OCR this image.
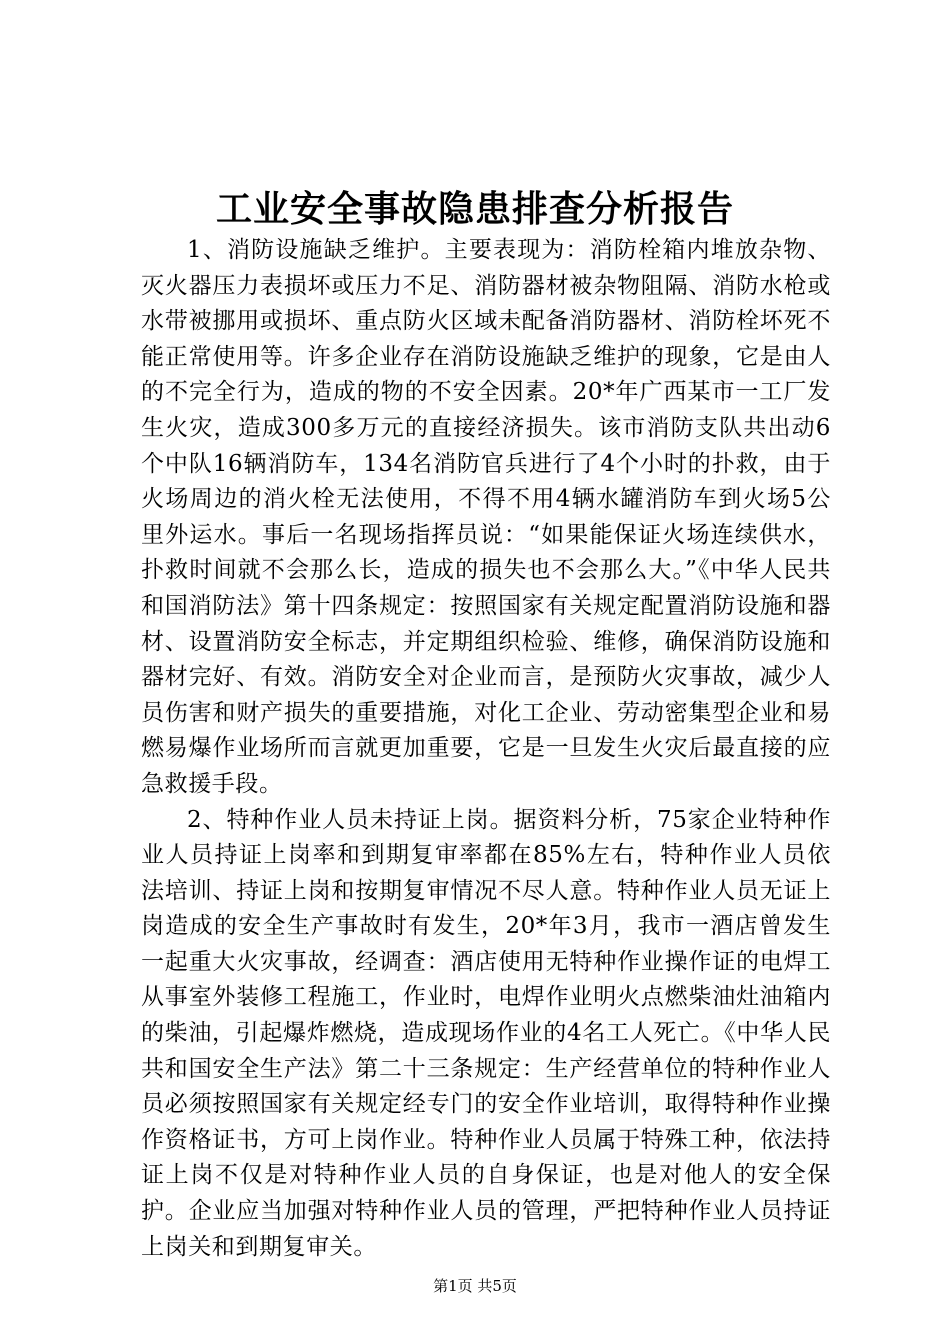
工业安全事故隐患排查分析报告

1、消防设施缺乏维护。主要表现为：消防栓箱内堆放杂物、灭火器压力表损坏或压力不足、消防器材被杂物阻隔、消防水枪或水带被挪用或损坏、重点防火区域未配备消防器材、消防栓坏死不能正常使用等。许多企业存在消防设施缺乏维护的现象，它是由人的不完全行为，造成的物的不安全因素。20*年广西某市一工厂发生火灾，造成300多万元的直接经济损失。该市消防支队共出动6个中队16辆消防车，134名消防官兵进行了4个小时的扑救，由于火场周边的消火栓无法使用，不得不用4辆水罐消防车到火场5公里外运水。事后一名现场指挥员说：“如果能保证火场连续供水，扑救时间就不会那么长，造成的损失也不会那么大。”《中华人民共和国消防法》第十四条规定：按照国家有关规定配置消防设施和器材、设置消防安全标志，并定期组织检验、维修，确保消防设施和器材完好、有效。消防安全对企业而言，是预防火灾事故，减少人员伤害和财产损失的重要措施，对化工企业、劳动密集型企业和易燃易爆作业场所而言就更加重要，它是一旦发生火灾后最直接的应急救援手段。

2、特种作业人员未持证上岗。据资料分析，75家企业特种作业人员持证上岗率和到期复审率都在85%左右，特种作业人员依法培训、持证上岗和按期复审情况不尽人意。特种作业人员无证上岗造成的安全生产事故时有发生，20*年3月，我市一酒店曾发生一起重大火灾事故，经调查：酒店使用无特种作业操作证的电焊工从事室外装修工程施工，作业时，电焊作业明火点燃柴油灶油箱内的柴油，引起爆炸燃烧，造成现场作业的4名工人死亡。《中华人民共和国安全生产法》第二十三条规定：生产经营单位的特种作业人员必须按照国家有关规定经专门的安全作业培训，取得特种作业操作资格证书，方可上岗作业。特种作业人员属于特殊工种，依法持证上岗不仅是对特种作业人员的自身保证，也是对他人的安全保护。企业应当加强对特种作业人员的管理，严把特种作业人员持证上岗关和到期复审关。

第1页 共5页
